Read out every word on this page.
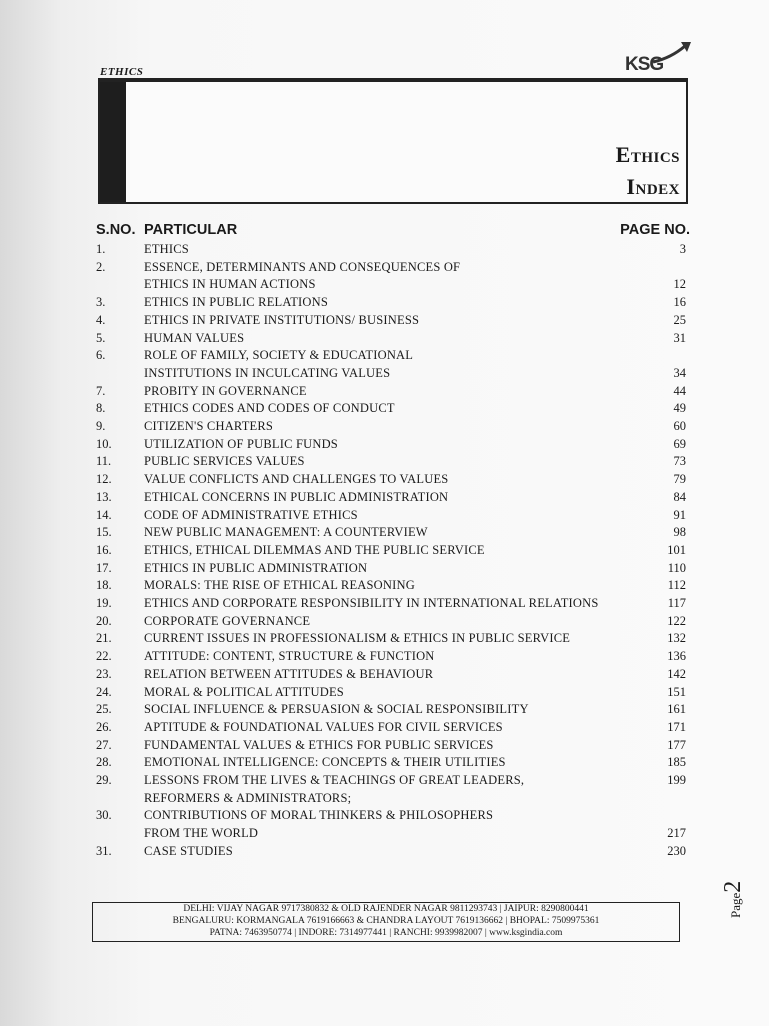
ETHICS	KSG
Ethics
Index
S.NO. PARTICULAR	PAGE NO.
1.	ETHICS	3
2.	ESSENCE, DETERMINANTS AND CONSEQUENCES OF
ETHICS IN HUMAN ACTIONS	12
3.	ETHICS IN PUBLIC RELATIONS	16
4.	ETHICS IN PRIVATE INSTITUTIONS/ BUSINESS	25
5.	HUMAN VALUES	31
6.	ROLE OF FAMILY, SOCIETY & EDUCATIONAL
INSTITUTIONS IN INCULCATING VALUES	34
7.	PROBITY IN GOVERNANCE	44
8.	ETHICS CODES AND CODES OF CONDUCT	49
9.	CITIZEN'S CHARTERS	60
10.	UTILIZATION OF PUBLIC FUNDS	69
11.	PUBLIC SERVICES VALUES	73
12.	VALUE CONFLICTS AND CHALLENGES TO VALUES	79
13.	ETHICAL CONCERNS IN PUBLIC ADMINISTRATION	84
14.	CODE OF ADMINISTRATIVE ETHICS	91
15.	NEW PUBLIC MANAGEMENT: A COUNTERVIEW	98
16.	ETHICS, ETHICAL DILEMMAS AND THE PUBLIC SERVICE	101
17.	ETHICS IN PUBLIC ADMINISTRATION	110
18.	MORALS: THE RISE OF ETHICAL REASONING	112
19.	ETHICS AND CORPORATE RESPONSIBILITY IN INTERNATIONAL RELATIONS	117
20.	CORPORATE GOVERNANCE	122
21.	CURRENT ISSUES IN PROFESSIONALISM & ETHICS IN PUBLIC SERVICE	132
22.	ATTITUDE: CONTENT, STRUCTURE & FUNCTION	136
23.	RELATION BETWEEN ATTITUDES & BEHAVIOUR	142
24.	MORAL & POLITICAL ATTITUDES	151
25.	SOCIAL INFLUENCE & PERSUASION & SOCIAL RESPONSIBILITY	161
26.	APTITUDE & FOUNDATIONAL VALUES FOR CIVIL SERVICES	171
27.	FUNDAMENTAL VALUES & ETHICS FOR PUBLIC SERVICES	177
28.	EMOTIONAL INTELLIGENCE: CONCEPTS & THEIR UTILITIES	185
29.	LESSONS FROM THE LIVES & TEACHINGS OF GREAT LEADERS,	199
REFORMERS & ADMINISTRATORS;
30.	CONTRIBUTIONS OF MORAL THINKERS & PHILOSOPHERS
FROM THE WORLD	217
31.	CASE STUDIES	230
DELHI: VIJAY NAGAR 9717380832 & OLD RAJENDER NAGAR 9811293743 | JAIPUR: 8290800441
BENGALURU: KORMANGALA 7619166663 & CHANDRA LAYOUT 7619136662 | BHOPAL: 7509975361
PATNA: 7463950774 | INDORE: 7314977441 | RANCHI: 9939982007 | www.ksgindia.com
Page2
